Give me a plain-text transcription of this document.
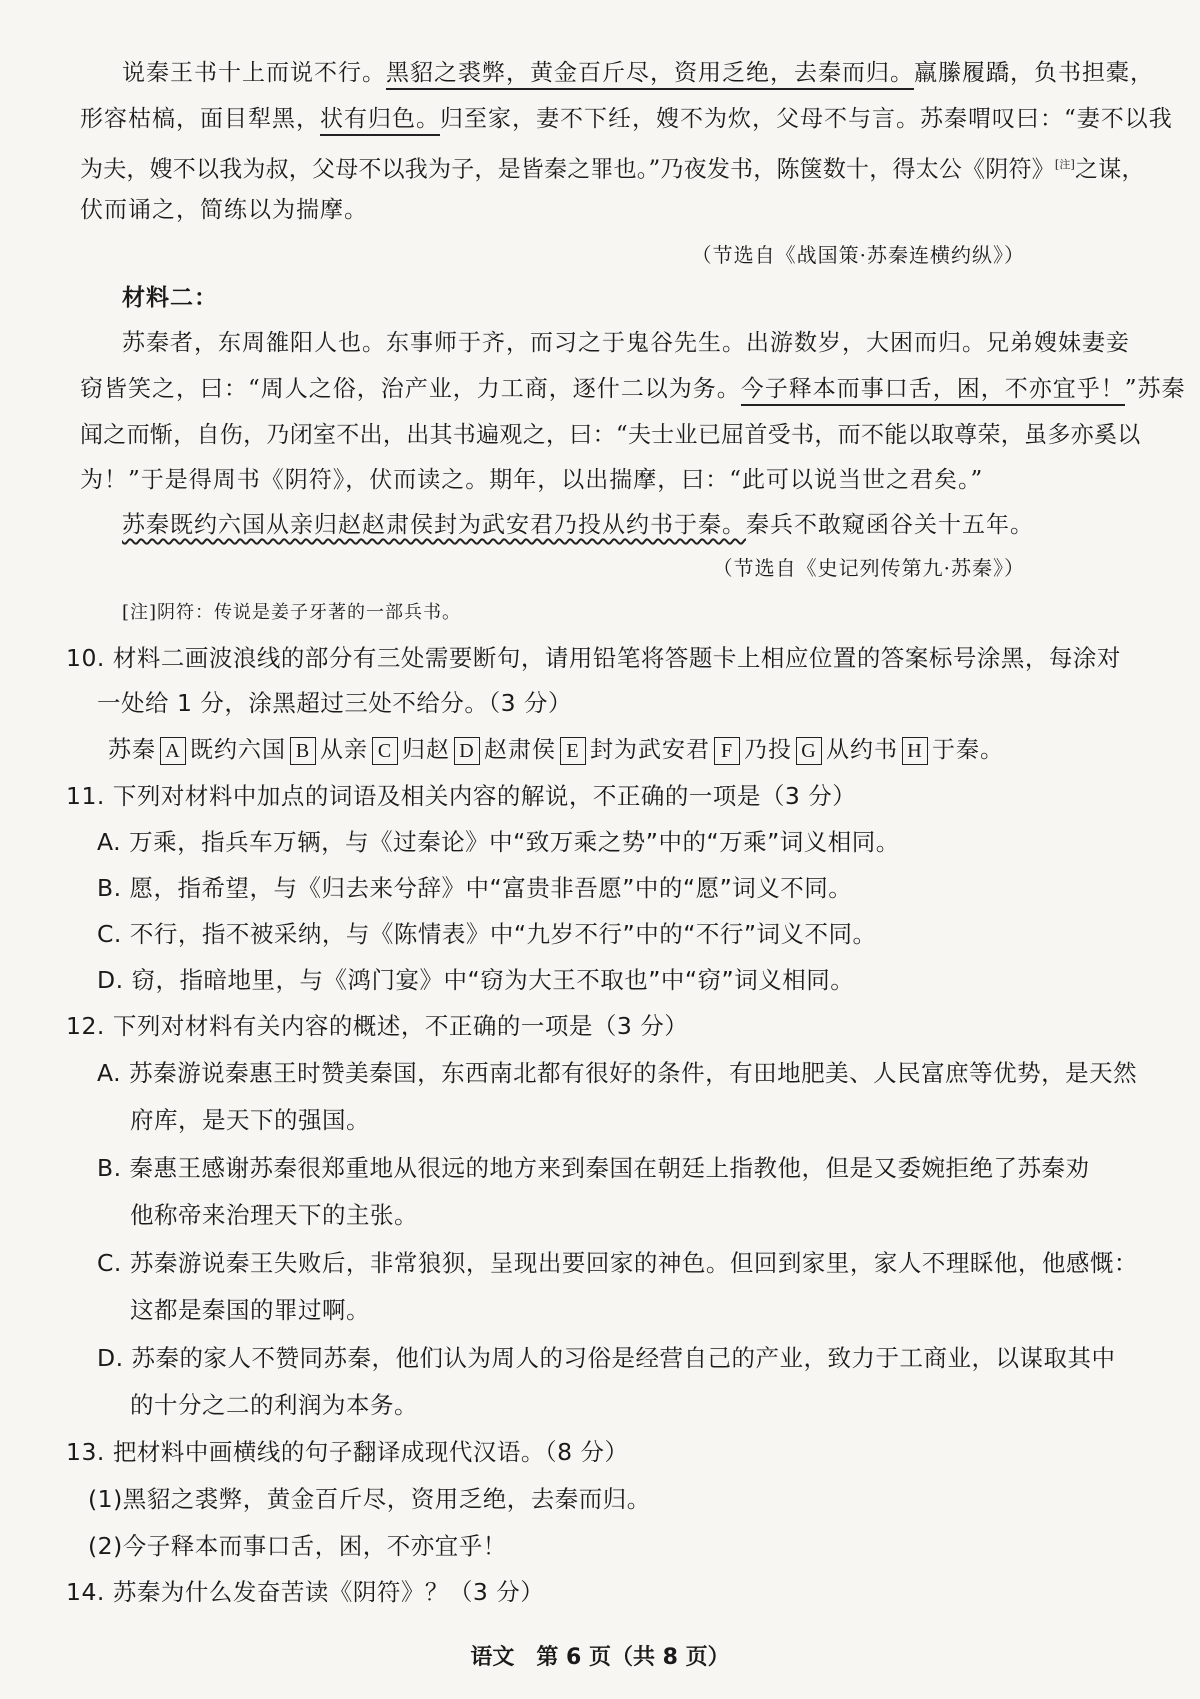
说秦王书十上而说不行。黑貂之裘弊，黄金百斤尽，资用乏绝，去秦而归。羸縢履蹻，负书担橐，
形容枯槁，面目犁黑，状有归色。归至家，妻不下纴，嫂不为炊，父母不与言。苏秦喟叹曰：“妻不以我
为夫，嫂不以我为叔，父母不以我为子，是皆秦之罪也。”乃夜发书，陈箧数十，得太公《阴符》[注]之谋，
伏而诵之，简练以为揣摩。
（节选自《战国策·苏秦连横约纵》）
材料二：
苏秦者，东周雒阳人也。东事师于齐，而习之于鬼谷先生。出游数岁，大困而归。兄弟嫂妹妻妾
窃皆笑之，曰：“周人之俗，治产业，力工商，逐什二以为务。今子释本而事口舌，困，不亦宜乎！”苏秦
闻之而惭，自伤，乃闭室不出，出其书遍观之，曰：“夫士业已屈首受书，而不能以取尊荣，虽多亦奚以
为！”于是得周书《阴符》，伏而读之。期年，以出揣摩，曰：“此可以说当世之君矣。”
苏秦既约六国从亲归赵赵肃侯封为武安君乃投从约书于秦。秦兵不敢窥函谷关十五年。
（节选自《史记列传第九·苏秦》）
[注]阴符：传说是姜子牙著的一部兵书。
10. 材料二画波浪线的部分有三处需要断句，请用铅笔将答题卡上相应位置的答案标号涂黑，每涂对
一处给 1 分，涂黑超过三处不给分。（3 分）
苏秦 A 既约六国 B 从亲 C 归赵 D 赵肃侯 E 封为武安君 F 乃投 G 从约书 H 于秦。
11. 下列对材料中加点的词语及相关内容的解说，不正确的一项是（3 分）
A. 万乘，指兵车万辆，与《过秦论》中“致万乘之势”中的“万乘”词义相同。
B. 愿，指希望，与《归去来兮辞》中“富贵非吾愿”中的“愿”词义不同。
C. 不行，指不被采纳，与《陈情表》中“九岁不行”中的“不行”词义不同。
D. 窃，指暗地里，与《鸿门宴》中“窃为大王不取也”中“窃”词义相同。
12. 下列对材料有关内容的概述，不正确的一项是（3 分）
A. 苏秦游说秦惠王时赞美秦国，东西南北都有很好的条件，有田地肥美、人民富庶等优势，是天然
府库，是天下的强国。
B. 秦惠王感谢苏秦很郑重地从很远的地方来到秦国在朝廷上指教他，但是又委婉拒绝了苏秦劝
他称帝来治理天下的主张。
C. 苏秦游说秦王失败后，非常狼狈，呈现出要回家的神色。但回到家里，家人不理睬他，他感慨：
这都是秦国的罪过啊。
D. 苏秦的家人不赞同苏秦，他们认为周人的习俗是经营自己的产业，致力于工商业，以谋取其中
的十分之二的利润为本务。
13. 把材料中画横线的句子翻译成现代汉语。（8 分）
(1)黑貂之裘弊，黄金百斤尽，资用乏绝，去秦而归。
(2)今子释本而事口舌，困，不亦宜乎！
14. 苏秦为什么发奋苦读《阴符》？（3 分）
语文　第 6 页（共 8 页）
